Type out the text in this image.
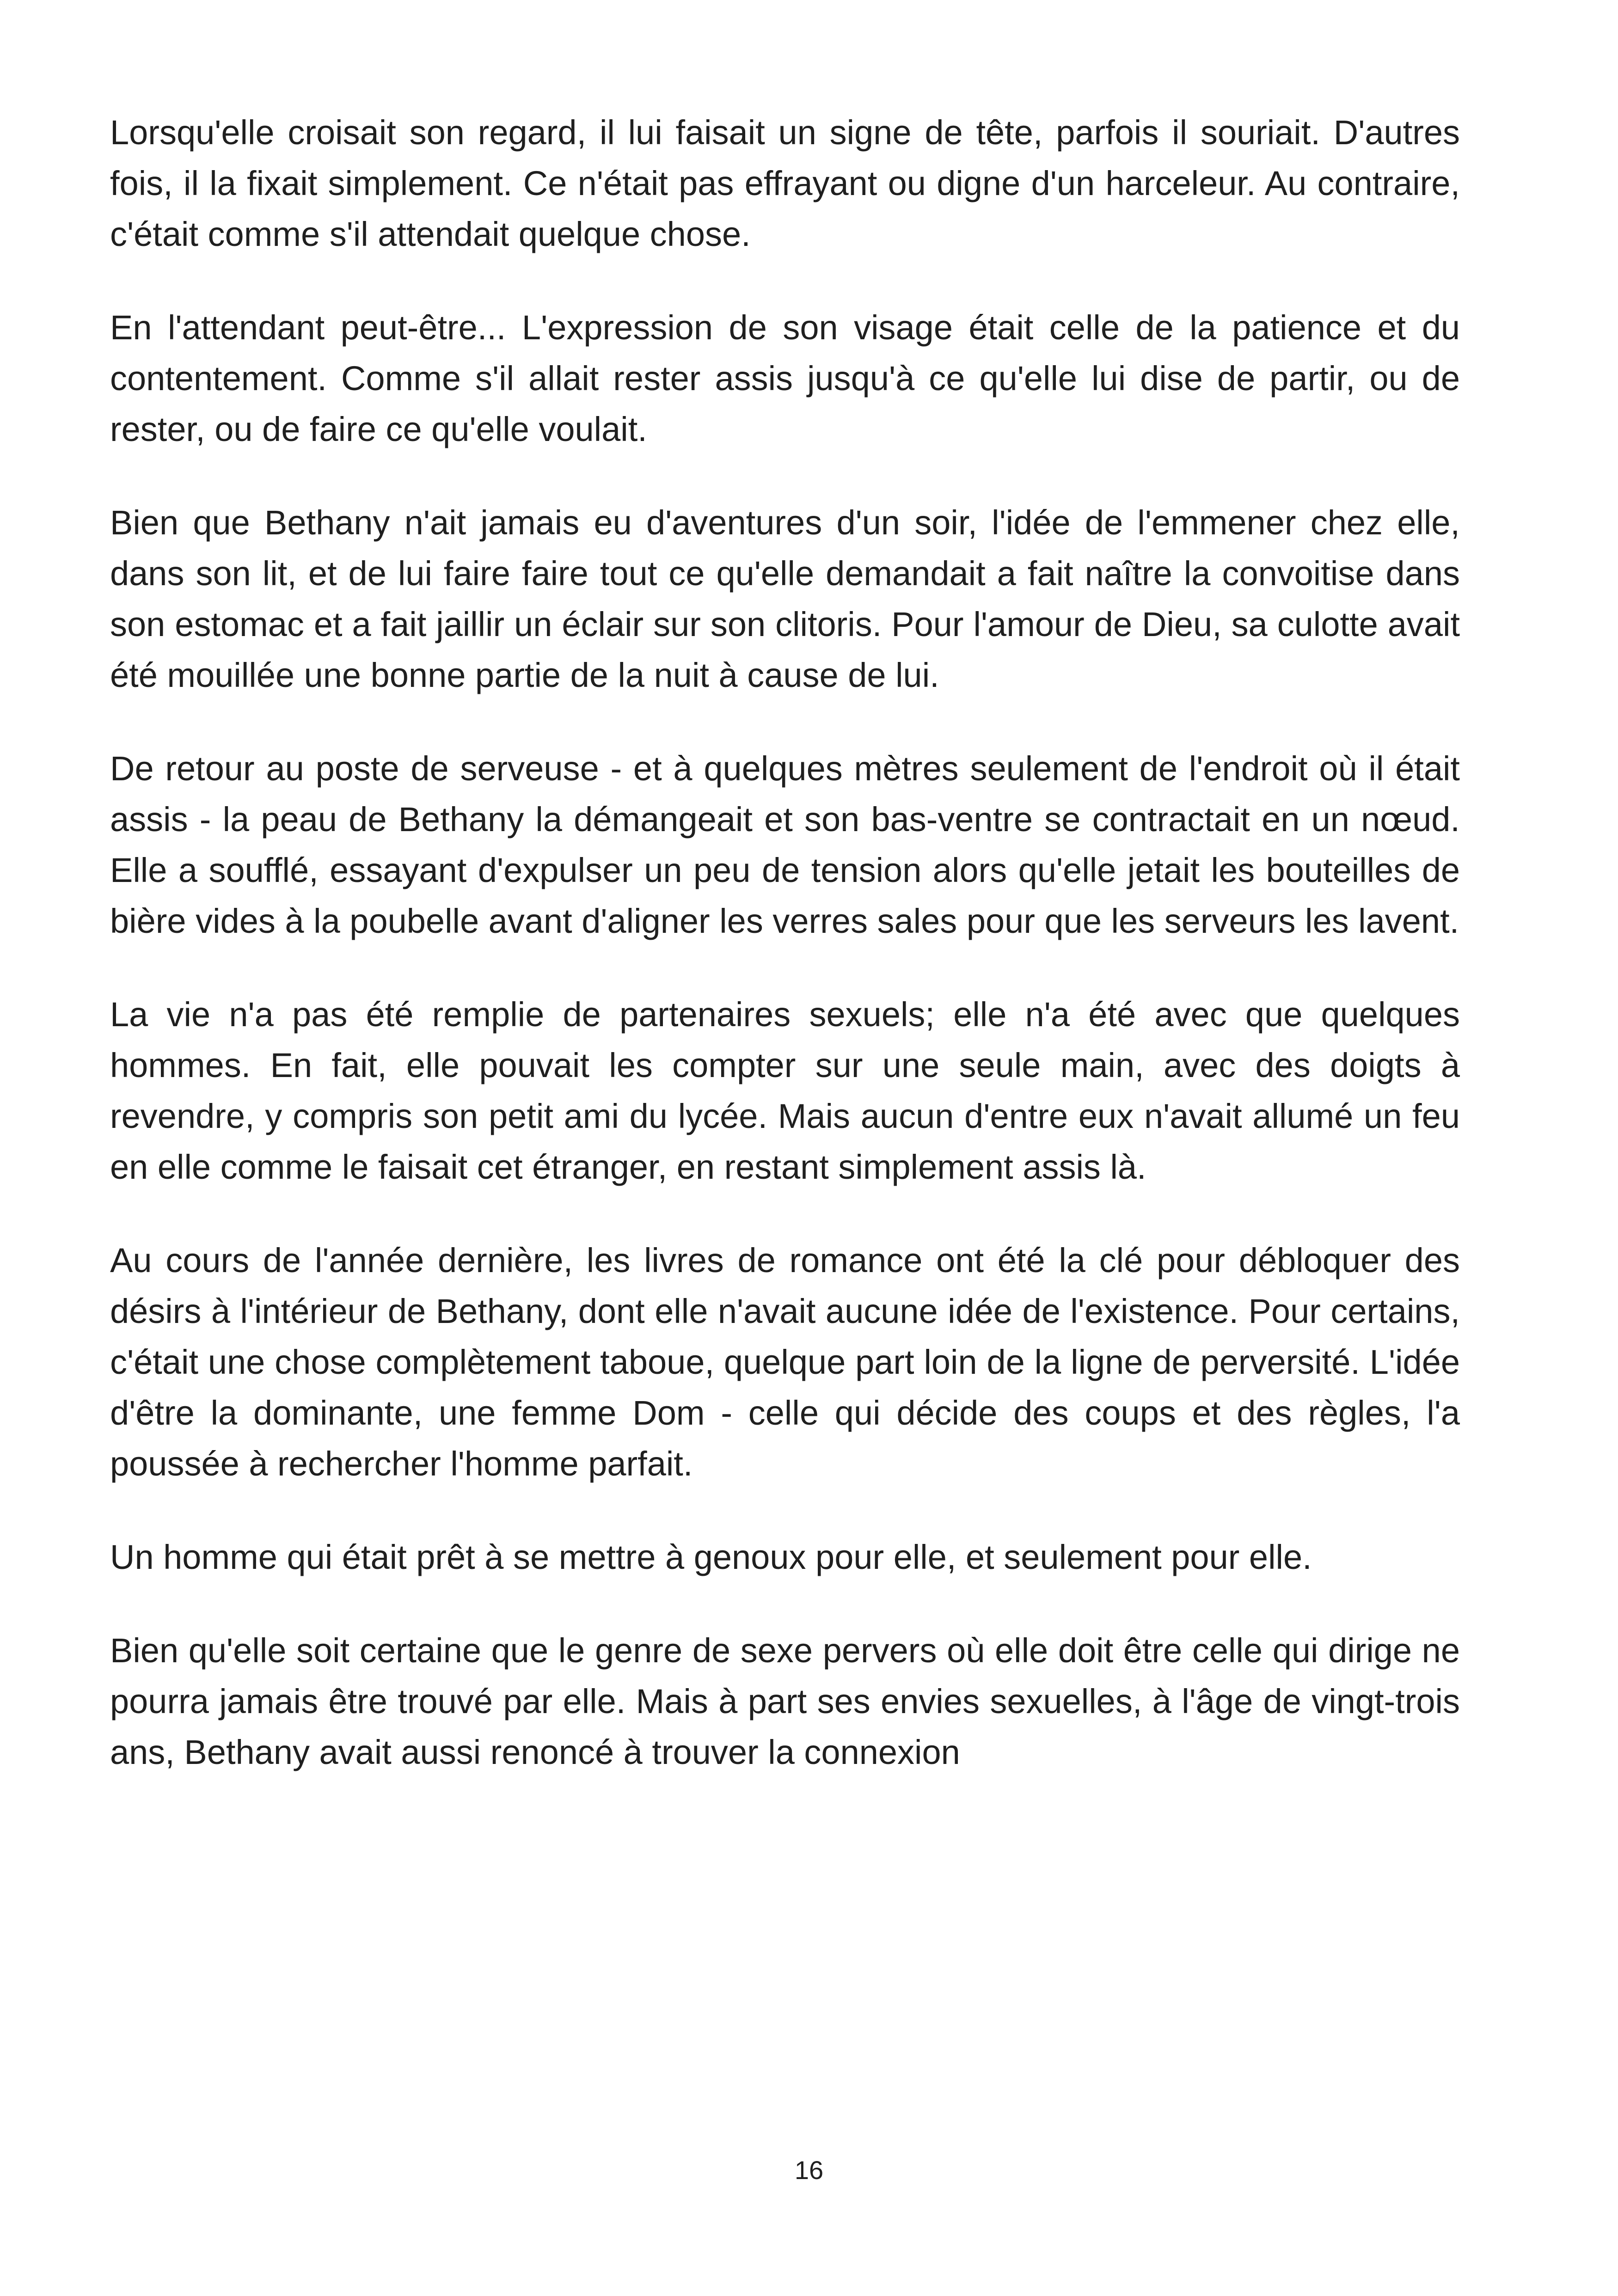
Lorsqu'elle croisait son regard, il lui faisait un signe de tête, parfois il souriait. D'autres fois, il la fixait simplement. Ce n'était pas effrayant ou digne d'un harceleur. Au contraire, c'était comme s'il attendait quelque chose.

En l'attendant peut-être... L'expression de son visage était celle de la patience et du contentement. Comme s'il allait rester assis jusqu'à ce qu'elle lui dise de partir, ou de rester, ou de faire ce qu'elle voulait.

Bien que Bethany n'ait jamais eu d'aventures d'un soir, l'idée de l'emmener chez elle, dans son lit, et de lui faire faire tout ce qu'elle demandait a fait naître la convoitise dans son estomac et a fait jaillir un éclair sur son clitoris. Pour l'amour de Dieu, sa culotte avait été mouillée une bonne partie de la nuit à cause de lui.

De retour au poste de serveuse - et à quelques mètres seulement de l'endroit où il était assis - la peau de Bethany la démangeait et son bas-ventre se contractait en un nœud. Elle a soufflé, essayant d'expulser un peu de tension alors qu'elle jetait les bouteilles de bière vides à la poubelle avant d'aligner les verres sales pour que les serveurs les lavent.

La vie n'a pas été remplie de partenaires sexuels; elle n'a été avec que quelques hommes. En fait, elle pouvait les compter sur une seule main, avec des doigts à revendre, y compris son petit ami du lycée. Mais aucun d'entre eux n'avait allumé un feu en elle comme le faisait cet étranger, en restant simplement assis là.

Au cours de l'année dernière, les livres de romance ont été la clé pour débloquer des désirs à l'intérieur de Bethany, dont elle n'avait aucune idée de l'existence. Pour certains, c'était une chose complètement taboue, quelque part loin de la ligne de perversité. L'idée d'être la dominante, une femme Dom - celle qui décide des coups et des règles, l'a poussée à rechercher l'homme parfait.

Un homme qui était prêt à se mettre à genoux pour elle, et seulement pour elle.

Bien qu'elle soit certaine que le genre de sexe pervers où elle doit être celle qui dirige ne pourra jamais être trouvé par elle. Mais à part ses envies sexuelles, à l'âge de vingt-trois ans, Bethany avait aussi renoncé à trouver la connexion

16
